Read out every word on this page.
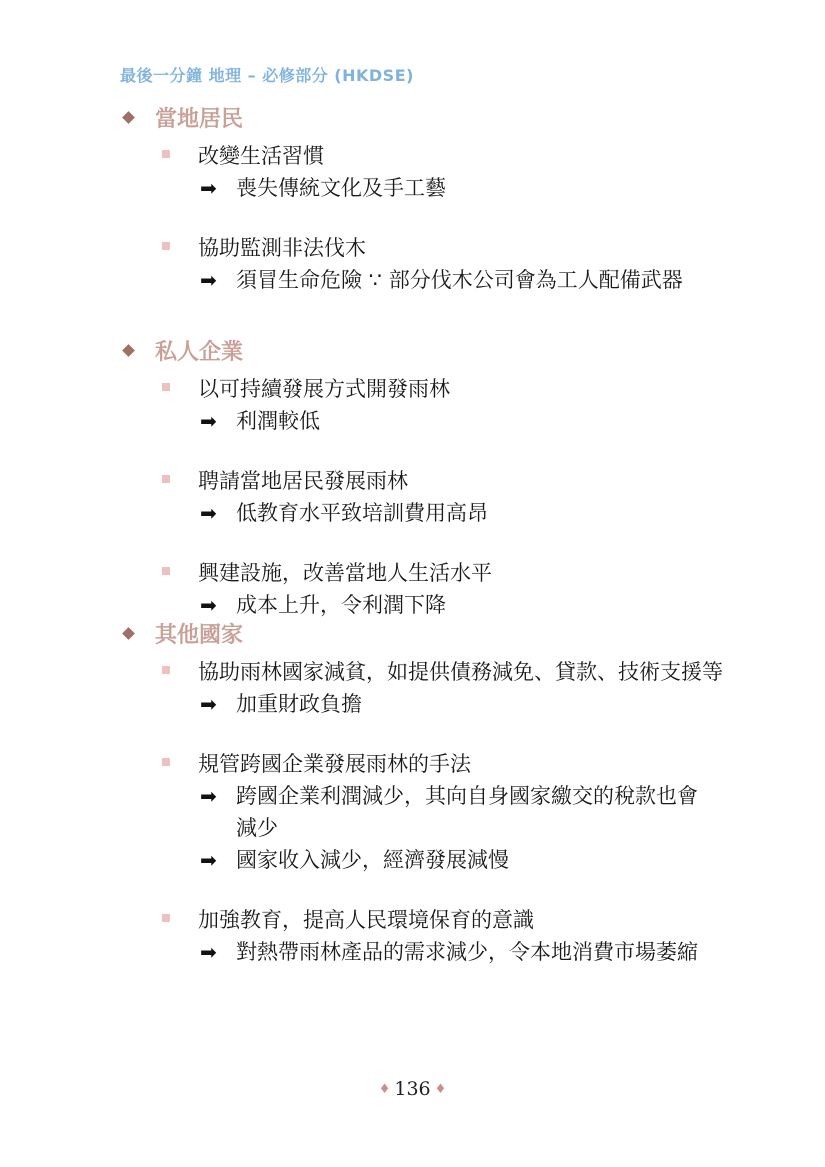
最後一分鐘 地理 – 必修部分 (HKDSE)
當地居民
改變生活習慣
➡ 喪失傳統文化及手工藝
協助監測非法伐木
➡ 須冒生命危險 ∵ 部分伐木公司會為工人配備武器
私人企業
以可持續發展方式開發雨林
➡ 利潤較低
聘請當地居民發展雨林
➡ 低教育水平致培訓費用高昂
興建設施，改善當地人生活水平
➡ 成本上升，令利潤下降
其他國家
協助雨林國家減貧，如提供債務減免、貸款、技術支援等
➡ 加重財政負擔
規管跨國企業發展雨林的手法
➡ 跨國企業利潤減少，其向自身國家繳交的稅款也會減少
➡ 國家收入減少，經濟發展減慢
加強教育，提高人民環境保育的意識
➡ 對熱帶雨林產品的需求減少，令本地消費市場萎縮
♦ 136 ♦
